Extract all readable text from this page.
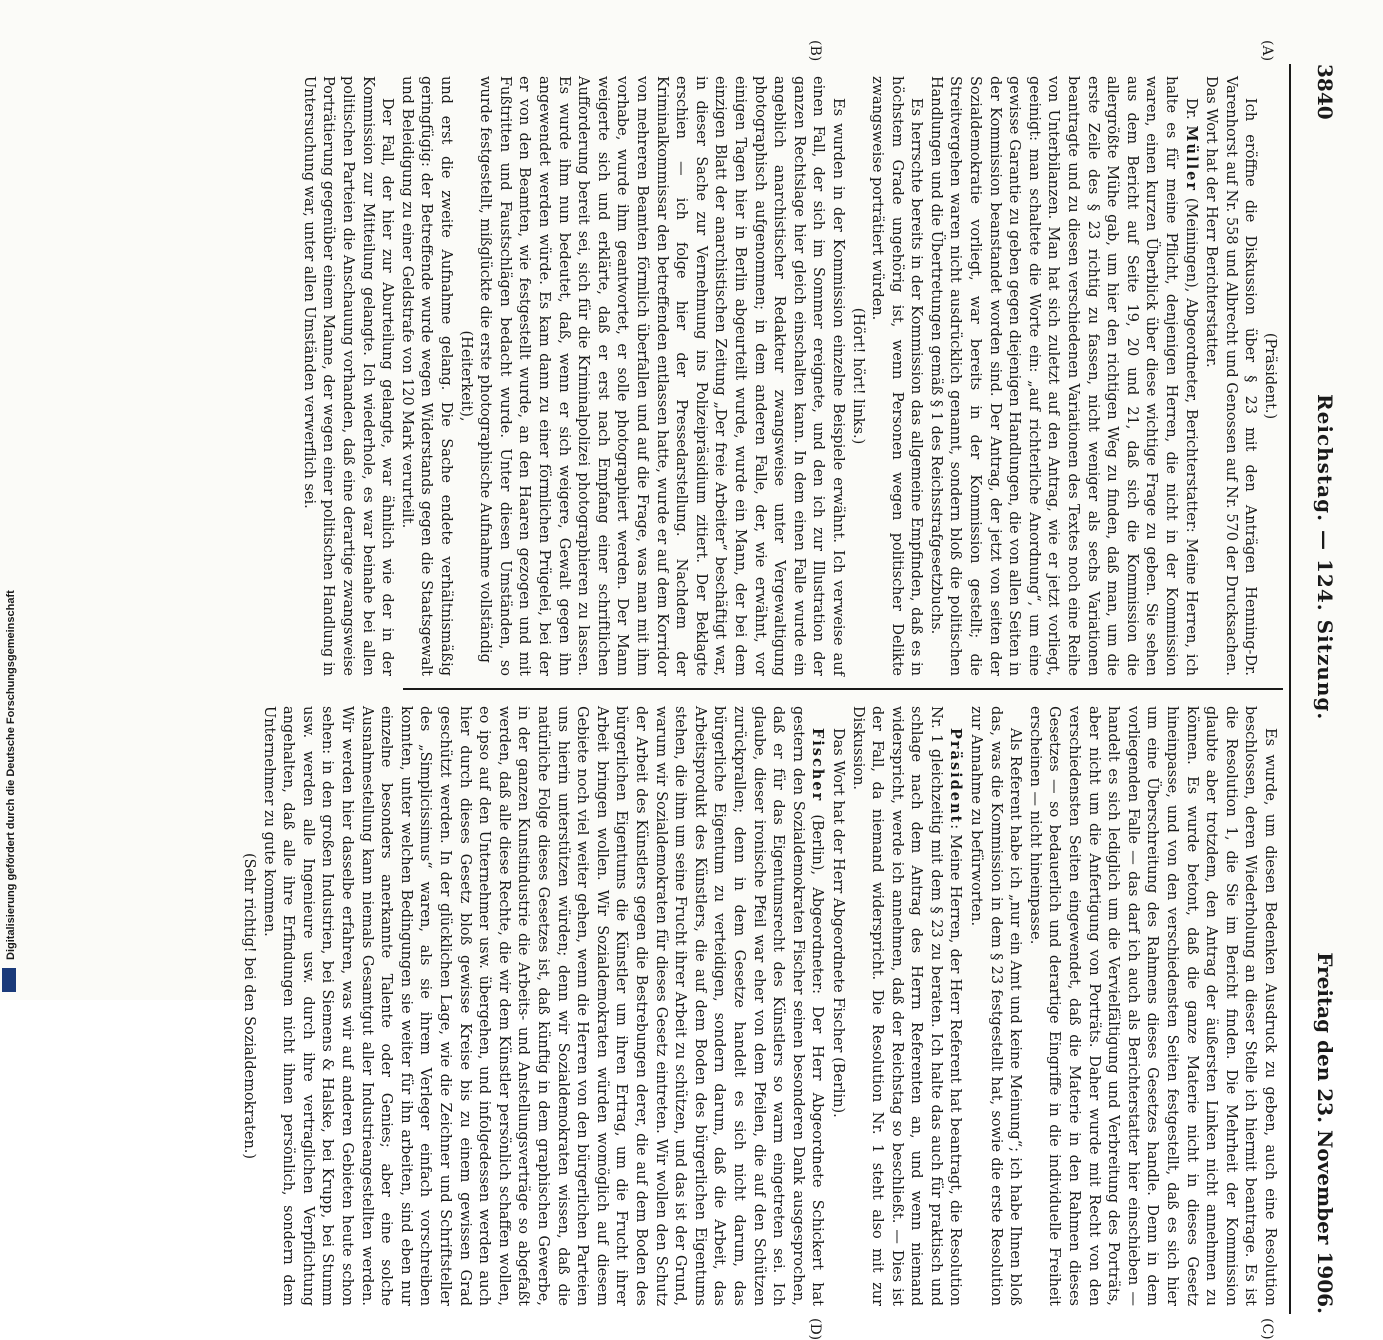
3840
Reichstag. — 124. Sitzung.
Freitag den 23. November 1906.
(A)
(B)
(C)
(D)

(Präsident.)

Ich eröffne die Diskussion über § 23 mit den Anträgen Henning-Dr. Varenhorst auf Nr. 558 und Albrecht und Genossen auf Nr. 570 der Drucksachen. Das Wort hat der Herr Berichterstatter.

Dr. Müller (Meiningen), Abgeordneter, Berichterstatter: Meine Herren, ich halte es für meine Pflicht, denjenigen Herren, die nicht in der Kommission waren, einen kurzen Überblick über diese wichtige Frage zu geben. Sie sehen aus dem Bericht auf Seite 19, 20 und 21, daß sich die Kommission die allergrößte Mühe gab, um hier den richtigen Weg zu finden, daß man, um die erste Zeile des § 23 richtig zu fassen, nicht weniger als sechs Variationen beantragte und zu diesen verschiedenen Variationen des Textes noch eine Reihe von Unterbilanzen. Man hat sich zuletzt auf den Antrag, wie er jetzt vorliegt, geeinigt: man schaltete die Worte ein: „auf richterliche Anordnung“, um eine gewisse Garantie zu geben gegen diejenigen Handlungen, die von allen Seiten in der Kommission beanstandet worden sind. Der Antrag, der jetzt von seiten der Sozialdemokratie vorliegt, war bereits in der Kommission gestellt; die Streitvergehen waren nicht ausdrücklich genannt, sondern bloß die politischen Handlungen und die Übertretungen gemäß § 1 des Reichsstrafgesetzbuchs.

Es herrschte bereits in der Kommission das allgemeine Empfinden, daß es in höchstem Grade ungehörig ist, wenn Personen wegen politischer Delikte zwangsweise porträtiert würden.

(Hört! hört! links.)

Es wurden in der Kommission einzelne Beispiele erwähnt. Ich verweise auf einen Fall, der sich im Sommer ereignete, und den ich zur Illustration der ganzen Rechtslage hier gleich einschalten kann. In dem einen Falle wurde ein angeblich anarchistischer Redakteur zwangsweise unter Vergewaltigung photographisch aufgenommen; in dem anderen Falle, der, wie erwähnt, vor einigen Tagen hier in Berlin abgeurteilt wurde, wurde ein Mann, der bei dem einzigen Blatt der anarchistischen Zeitung „Der freie Arbeiter“ beschäftigt war, in dieser Sache zur Vernehmung ins Polizeipräsidium zitiert. Der Beklagte erschien — ich folge hier der Pressedarstellung. Nachdem der Kriminalkommissar den betreffenden entlassen hatte, wurde er auf dem Korridor von mehreren Beamten förmlich überfallen und auf die Frage, was man mit ihm vorhabe, wurde ihm geantwortet, er solle photographiert werden. Der Mann weigerte sich und erklärte, daß er erst nach Empfang einer schriftlichen Aufforderung bereit sei, sich für die Kriminalpolizei photographieren zu lassen. Es wurde ihm nun bedeutet, daß, wenn er sich weigere, Gewalt gegen ihn angewendet werden würde. Es kam dann zu einer förmlichen Prügelei, bei der er von den Beamten, wie festgestellt wurde, an den Haaren gezogen und mit Fußtritten und Faustschlägen bedacht wurde. Unter diesen Umständen, so wurde festgestellt, mißglückte die erste photographische Aufnahme vollständig

(Heiterkeit),

und erst die zweite Aufnahme gelang. Die Sache endete verhältnismäßig geringfügig: der Betreffende wurde wegen Widerstands gegen die Staatsgewalt und Beleidigung zu einer Geldstrafe von 120 Mark verurteilt.

Der Fall, der hier zur Aburteilung gelangte, war ähnlich wie der in der Kommission zur Mitteilung gelangte. Ich wiederhole, es war beinahe bei allen politischen Parteien die Anschauung vorhanden, daß eine derartige zwangsweise Porträtierung gegenüber einem Manne, der wegen einer politischen Handlung in Untersuchung war, unter allen Umständen verwerflich sei.

Es wurde, um diesen Bedenken Ausdruck zu geben, auch eine Resolution beschlossen, deren Wiederholung an dieser Stelle ich hiermit beantrage. Es ist die Resolution 1, die Sie im Bericht finden. Die Mehrheit der Kommission glaubte aber trotzdem, den Antrag der äußersten Linken nicht annehmen zu können. Es wurde betont, daß die ganze Materie nicht in dieses Gesetz hineinpasse, und von den verschiedensten Seiten festgestellt, daß es sich hier um eine Überschreitung des Rahmens dieses Gesetzes handle. Denn in dem vorliegenden Falle — das darf ich auch als Berichterstatter hier einschieben — handelt es sich lediglich um die Vervielfältigung und Verbreitung des Porträts, aber nicht um die Anfertigung von Porträts. Daher wurde mit Recht von den verschiedensten Seiten eingewendet, daß die Materie in den Rahmen dieses Gesetzes — so bedauerlich und derartige Eingriffe in die individuelle Freiheit erscheinen — nicht hineinpasse.

Als Referent habe ich „nur ein Amt und keine Meinung“; ich habe Ihnen bloß das, was die Kommission in dem § 23 festgestellt hat, sowie die erste Resolution zur Annahme zu befürworten.

Präsident: Meine Herren, der Herr Referent hat beantragt, die Resolution Nr. 1 gleichzeitig mit dem § 23 zu beraten. Ich halte das auch für praktisch und schlage nach dem Antrag des Herrn Referenten an, und wenn niemand widerspricht, werde ich annehmen, daß der Reichstag so beschließt. — Dies ist der Fall, da niemand widerspricht. Die Resolution Nr. 1 steht also mit zur Diskussion.

Das Wort hat der Herr Abgeordnete Fischer (Berlin).

Fischer (Berlin), Abgeordneter: Der Herr Abgeordnete Schickert hat gestern den Sozialdemokraten Fischer seinen besonderen Dank ausgesprochen, daß er für das Eigentumsrecht des Künstlers so warm eingetreten sei. Ich glaube, dieser ironische Pfeil war eher von dem Pfeilen, die auf den Schützen zurückprallen; denn in dem Gesetze handelt es sich nicht darum, das bürgerliche Eigentum zu verteidigen, sondern darum, daß die Arbeit, das Arbeitsprodukt des Künstlers, die auf dem Boden des bürgerlichen Eigentums stehen, die ihm um seine Frucht ihrer Arbeit zu schützen, und das ist der Grund, warum wir Sozialdemokraten für dieses Gesetz eintreten. Wir wollen den Schutz der Arbeit des Künstlers gegen die Bestrebungen derer, die auf dem Boden des bürgerlichen Eigentums die Künstler um ihren Ertrag, um die Frucht ihrer Arbeit bringen wollen. Wir Sozialdemokraten würden womöglich auf diesem Gebiete noch viel weiter gehen, wenn die Herren von den bürgerlichen Parteien uns hierin unterstützen würden; denn wir Sozialdemokraten wissen, daß die natürliche Folge dieses Gesetzes ist, daß künftig in dem graphischen Gewerbe, in der ganzen Kunstindustrie die Arbeits- und Anstellungsverträge so abgefaßt werden, daß alle diese Rechte, die wir dem Künstler persönlich schaffen wollen, eo ipso auf den Unternehmer usw. übergehen, und infolgedessen werden auch hier durch dieses Gesetz bloß gewisse Kreise bis zu einem gewissen Grad geschützt werden. In der glücklichen Lage, wie die Zeichner und Schriftsteller des „Simplicissimus“ waren, als sie ihrem Verleger einfach vorschreiben konnten, unter welchen Bedingungen sie weiter für ihn arbeiten, sind eben nur einzelne besonders anerkannte Talente oder Genies; aber eine solche Ausnahmestellung kann niemals Gesamtgut aller Industrieangestellten werden. Wir werden hier dasselbe erfahren, was wir auf anderen Gebieten heute schon sehen: in den großen Industrien, bei Siemens & Halske, bei Krupp, bei Stumm usw. werden alle Ingenieure usw. durch ihre vertraglichen Verpflichtung angehalten, daß alle ihre Erfindungen nicht ihnen persönlich, sondern dem Unternehmer zu gute kommen.

(Sehr richtig! bei den Sozialdemokraten.)

Digitalisierung gefördert durch die Deutsche Forschungsgemeinschaft
